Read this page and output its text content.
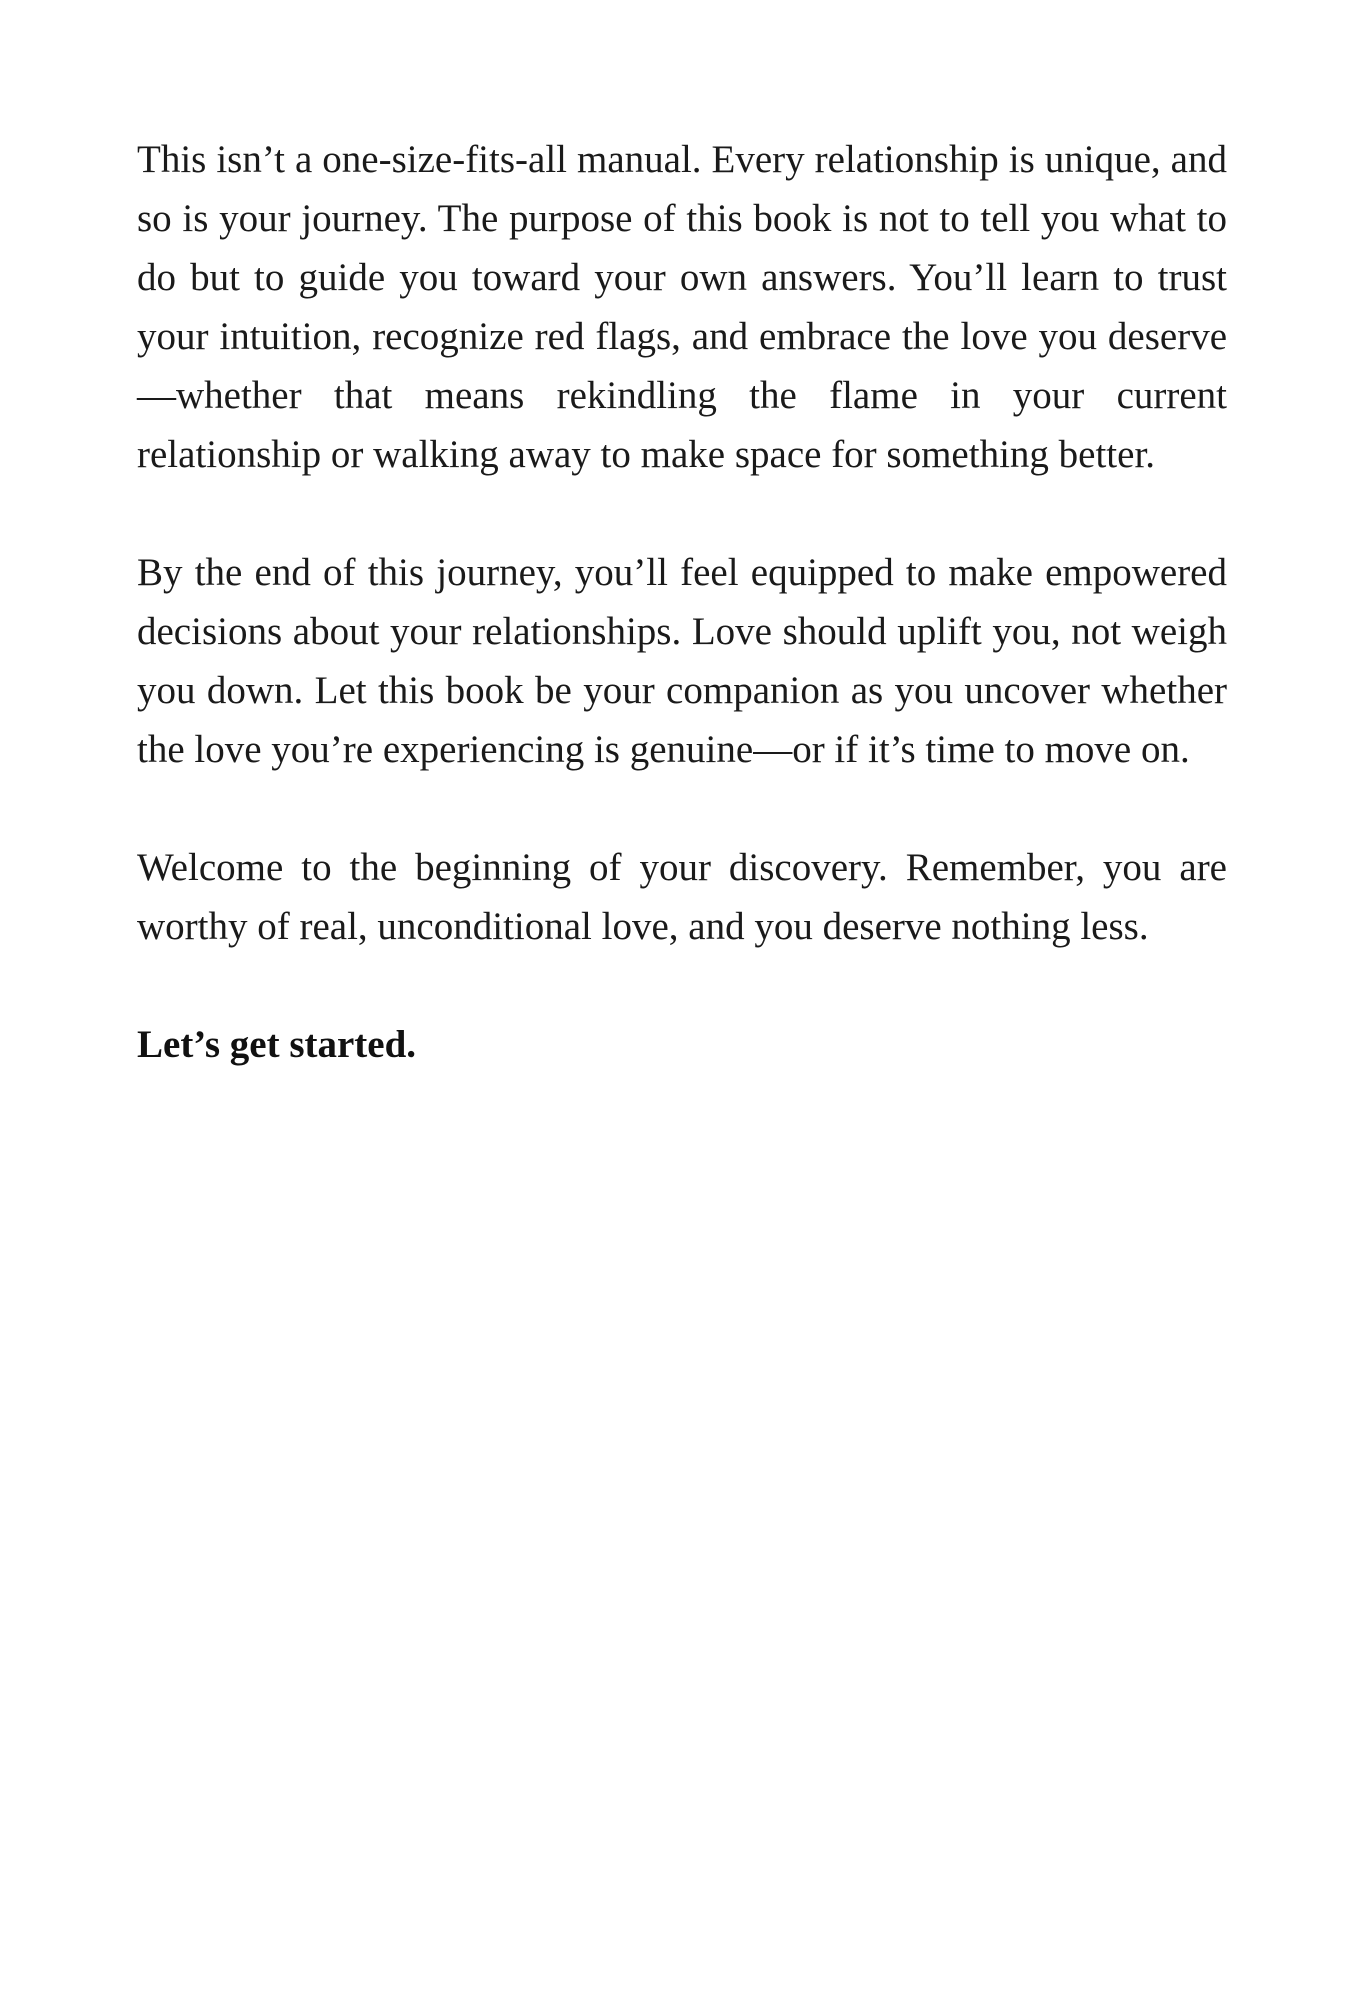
This isn’t a one-size-fits-all manual. Every relationship is unique, and so is your journey. The purpose of this book is not to tell you what to do but to guide you toward your own answers. You’ll learn to trust your intuition, recognize red flags, and embrace the love you deserve—whether that means rekindling the flame in your current relationship or walking away to make space for something better.

By the end of this journey, you’ll feel equipped to make empowered decisions about your relationships. Love should uplift you, not weigh you down. Let this book be your companion as you uncover whether the love you’re experiencing is genuine—or if it’s time to move on.

Welcome to the beginning of your discovery. Remember, you are worthy of real, unconditional love, and you deserve nothing less.

Let’s get started.
